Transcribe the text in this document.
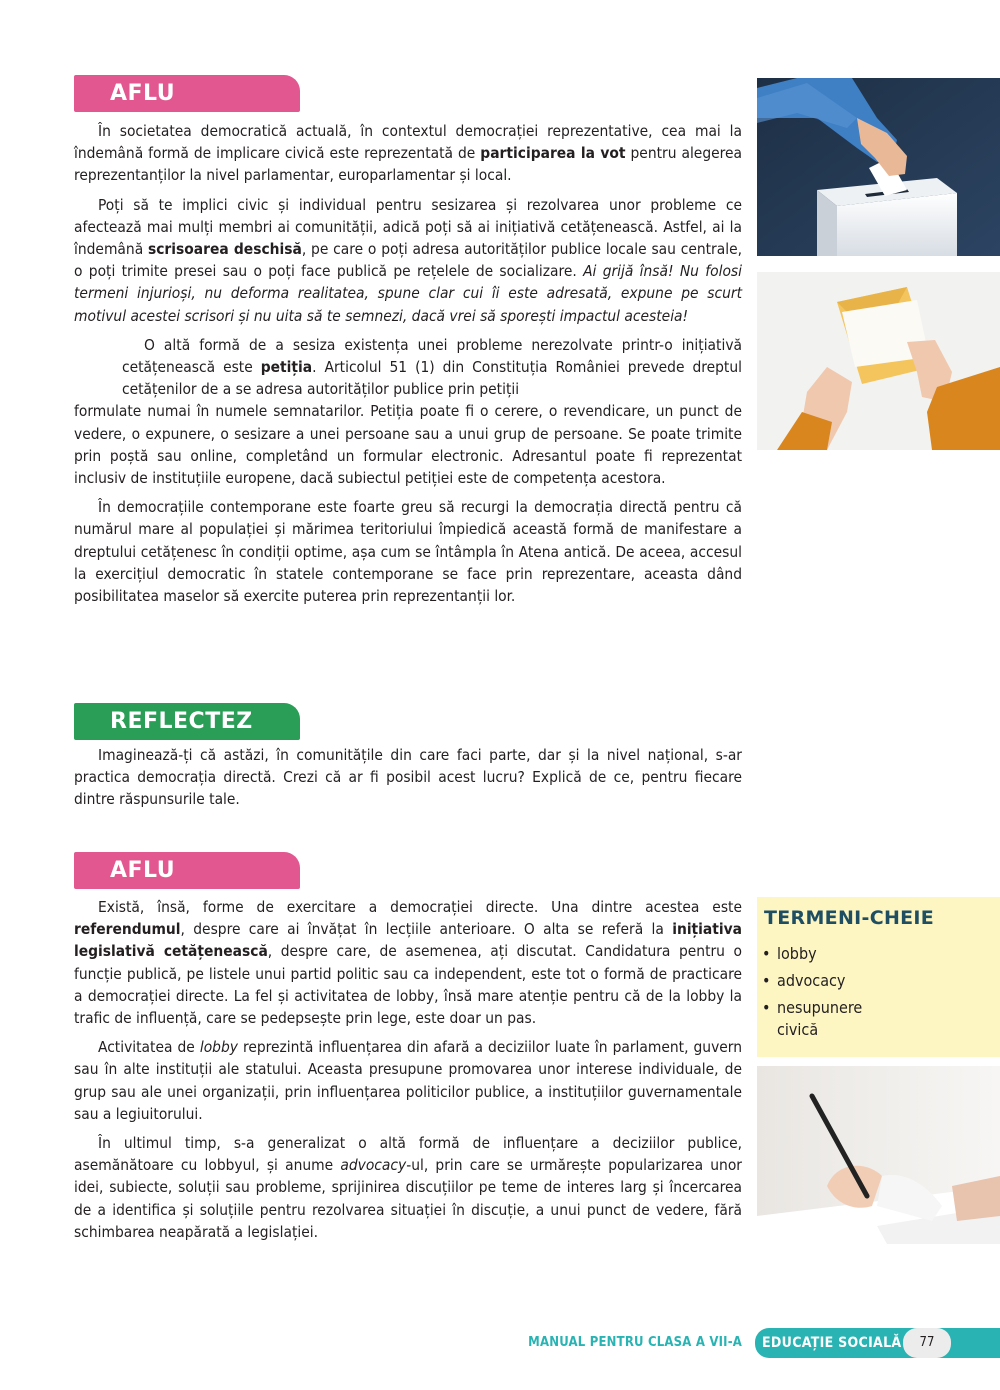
AFLU

În societatea democratică actuală, în contextul democrației reprezentative, cea mai la îndemână formă de implicare civică este reprezentată de participarea la vot pentru alegerea reprezentanților la nivel parlamentar, europarlamentar și local.

Poți să te implici civic și individual pentru sesizarea și rezolvarea unor probleme ce afectează mai mulți membri ai comunității, adică poți să ai inițiativă cetățenească. Astfel, ai la îndemână scrisoarea deschisă, pe care o poți adresa autorităților publice locale sau centrale, o poți trimite presei sau o poți face publică pe rețelele de socializare. Ai grijă însă! Nu folosi termeni injurioși, nu deforma realitatea, spune clar cui îi este adresată, expune pe scurt motivul acestei scrisori și nu uita să te semnezi, dacă vrei să sporești impactul acesteia!

O altă formă de a sesiza existența unei probleme nerezolvate printr-o inițiativă cetățenească este petiția. Articolul 51 (1) din Constituția României prevede dreptul cetățenilor de a se adresa autorităților publice prin petiții

formulate numai în numele semnatarilor. Petiția poate fi o cerere, o revendicare, un punct de vedere, o expunere, o sesizare a unei persoane sau a unui grup de persoane. Se poate trimite prin poștă sau online, completând un formular electronic. Adresantul poate fi reprezentat inclusiv de instituțiile europene, dacă subiectul petiției este de competența acestora.

În democrațiile contemporane este foarte greu să recurgi la democrația directă pentru că numărul mare al populației și mărimea teritoriului împiedică această formă de manifestare a dreptului cetățenesc în condiții optime, așa cum se întâmpla în Atena antică. De aceea, accesul la exercițiul democratic în statele contemporane se face prin reprezentare, aceasta dând posibilitatea maselor să exercite puterea prin reprezentanții lor.

REFLECTEZ

Imaginează-ți că astăzi, în comunitățile din care faci parte, dar și la nivel național, s-ar practica democrația directă. Crezi că ar fi posibil acest lucru? Explică de ce, pentru fiecare dintre răspunsurile tale.

AFLU

Există, însă, forme de exercitare a democrației directe. Una dintre acestea este referendumul, despre care ai învățat în lecțiile anterioare. O alta se referă la inițiativa legislativă cetățenească, despre care, de asemenea, ați discutat. Candidatura pentru o funcție publică, pe listele unui partid politic sau ca independent, este tot o formă de practicare a democrației directe. La fel și activitatea de lobby, însă mare atenție pentru că de la lobby la trafic de influență, care se pedepsește prin lege, este doar un pas.

Activitatea de lobby reprezintă influențarea din afară a deciziilor luate în parlament, guvern sau în alte instituții ale statului. Aceasta presupune promovarea unor interese individuale, de grup sau ale unei organizații, prin influențarea politicilor publice, a instituțiilor guvernamentale sau a legiuitorului.

În ultimul timp, s-a generalizat o altă formă de influențare a deciziilor publice, asemănătoare cu lobbyul, și anume advocacy-ul, prin care se urmărește popularizarea unor idei, subiecte, soluții sau probleme, sprijinirea discuțiilor pe teme de interes larg și încercarea de a identifica și soluțiile pentru rezolvarea situației în discuție, a unui punct de vedere, fără schimbarea neapărată a legislației.

TERMENI-CHEIE
• lobby
• advocacy
• nesupunere civică
MANUAL PENTRU CLASA A VII-A EDUCAȚIE SOCIALĂ	77
